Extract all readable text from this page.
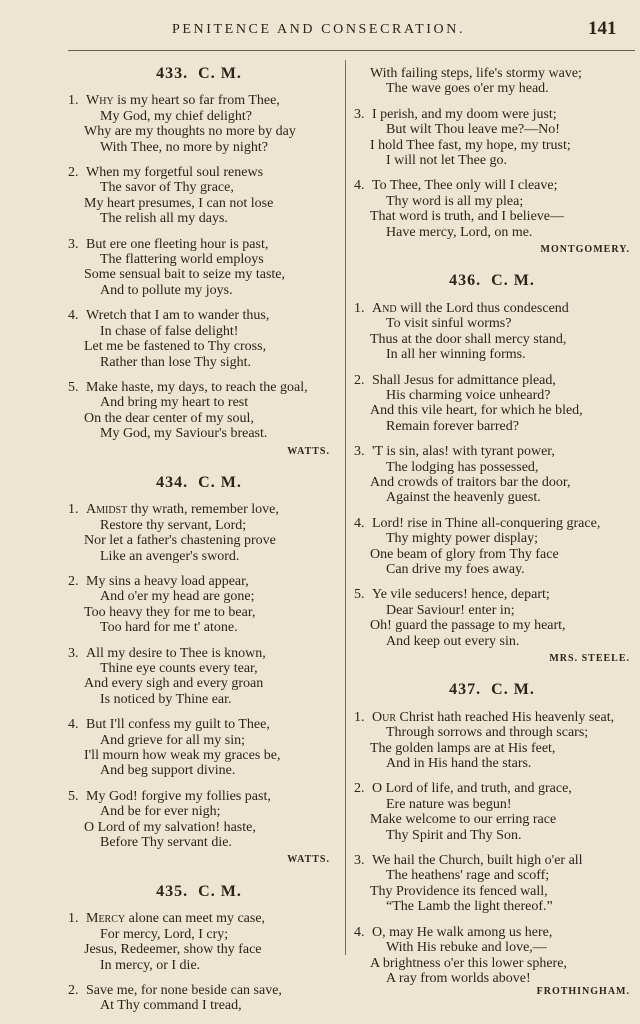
PENITENCE AND CONSECRATION.	141
433. C. M.
1. Why is my heart so far from Thee,
My God, my chief delight?
Why are my thoughts no more by day
With Thee, no more by night?
2. When my forgetful soul renews
The savor of Thy grace,
My heart presumes, I can not lose
The relish all my days.
3. But ere one fleeting hour is past,
The flattering world employs
Some sensual bait to seize my taste,
And to pollute my joys.
4. Wretch that I am to wander thus,
In chase of false delight!
Let me be fastened to Thy cross,
Rather than lose Thy sight.
5. Make haste, my days, to reach the goal,
And bring my heart to rest
On the dear center of my soul,
My God, my Saviour's breast.
WATTS.
434. C. M.
1. Amidst thy wrath, remember love,
Restore thy servant, Lord;
Nor let a father's chastening prove
Like an avenger's sword.
2. My sins a heavy load appear,
And o'er my head are gone;
Too heavy they for me to bear,
Too hard for me t' atone.
3. All my desire to Thee is known,
Thine eye counts every tear,
And every sigh and every groan
Is noticed by Thine ear.
4. But I'll confess my guilt to Thee,
And grieve for all my sin;
I'll mourn how weak my graces be,
And beg support divine.
5. My God! forgive my follies past,
And be for ever nigh;
O Lord of my salvation! haste,
Before Thy servant die.
WATTS.
435. C. M.
1. Mercy alone can meet my case,
For mercy, Lord, I cry;
Jesus, Redeemer, show thy face
In mercy, or I die.
2. Save me, for none beside can save,
At Thy command I tread,
With failing steps, life's stormy wave;
The wave goes o'er my head.
3. I perish, and my doom were just;
But wilt Thou leave me?—No!
I hold Thee fast, my hope, my trust;
I will not let Thee go.
4. To Thee, Thee only will I cleave;
Thy word is all my plea;
That word is truth, and I believe—
Have mercy, Lord, on me.
MONTGOMERY.
436. C. M.
1. And will the Lord thus condescend
To visit sinful worms?
Thus at the door shall mercy stand,
In all her winning forms.
2. Shall Jesus for admittance plead,
His charming voice unheard?
And this vile heart, for which he bled,
Remain forever barred?
3. 'T is sin, alas! with tyrant power,
The lodging has possessed,
And crowds of traitors bar the door,
Against the heavenly guest.
4. Lord! rise in Thine all-conquering grace,
Thy mighty power display;
One beam of glory from Thy face
Can drive my foes away.
5. Ye vile seducers! hence, depart;
Dear Saviour! enter in;
Oh! guard the passage to my heart,
And keep out every sin.
MRS. STEELE.
437. C. M.
1. Our Christ hath reached His heavenly seat,
Through sorrows and through scars;
The golden lamps are at His feet,
And in His hand the stars.
2. O Lord of life, and truth, and grace,
Ere nature was begun!
Make welcome to our erring race
Thy Spirit and Thy Son.
3. We hail the Church, built high o'er all
The heathens' rage and scoff;
Thy Providence its fenced wall,
“The Lamb the light thereof.”
4. O, may He walk among us here,
With His rebuke and love,—
A brightness o'er this lower sphere,
A ray from worlds above!
FROTHINGHAM.
